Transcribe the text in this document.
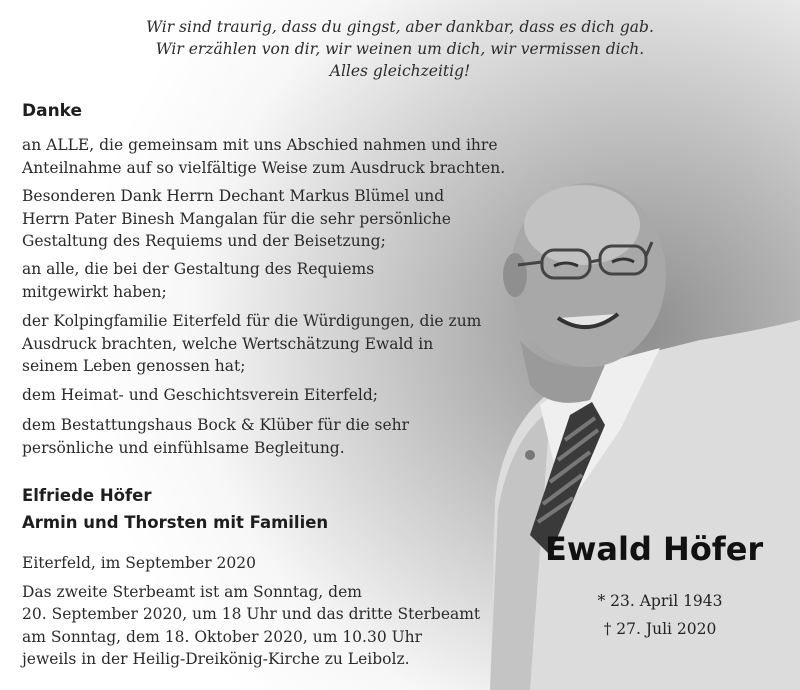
Wir sind traurig, dass du gingst, aber dankbar, dass es dich gab.
Wir erzählen von dir, wir weinen um dich, wir vermissen dich.
Alles gleichzeitig!
Danke
an ALLE, die gemeinsam mit uns Abschied nahmen und ihre
Anteilnahme auf so vielfältige Weise zum Ausdruck brachten.
Besonderen Dank Herrn Dechant Markus Blümel und
Herrn Pater Binesh Mangalan für die sehr persönliche
Gestaltung des Requiems und der Beisetzung;
an alle, die bei der Gestaltung des Requiems
mitgewirkt haben;
der Kolpingfamilie Eiterfeld für die Würdigungen, die zum
Ausdruck brachten, welche Wertschätzung Ewald in
seinem Leben genossen hat;
dem Heimat- und Geschichtsverein Eiterfeld;
dem Bestattungshaus Bock & Klüber für die sehr
persönliche und einfühlsame Begleitung.
Elfriede Höfer
Armin und Thorsten mit Familien
Eiterfeld, im September 2020
Das zweite Sterbeamt ist am Sonntag, dem
20. September 2020, um 18 Uhr und das dritte Sterbeamt
am Sonntag, dem 18. Oktober 2020, um 10.30 Uhr
jeweils in der Heilig-Dreikönig-Kirche zu Leibolz.
Ewald Höfer
* 23. April 1943
† 27. Juli 2020
